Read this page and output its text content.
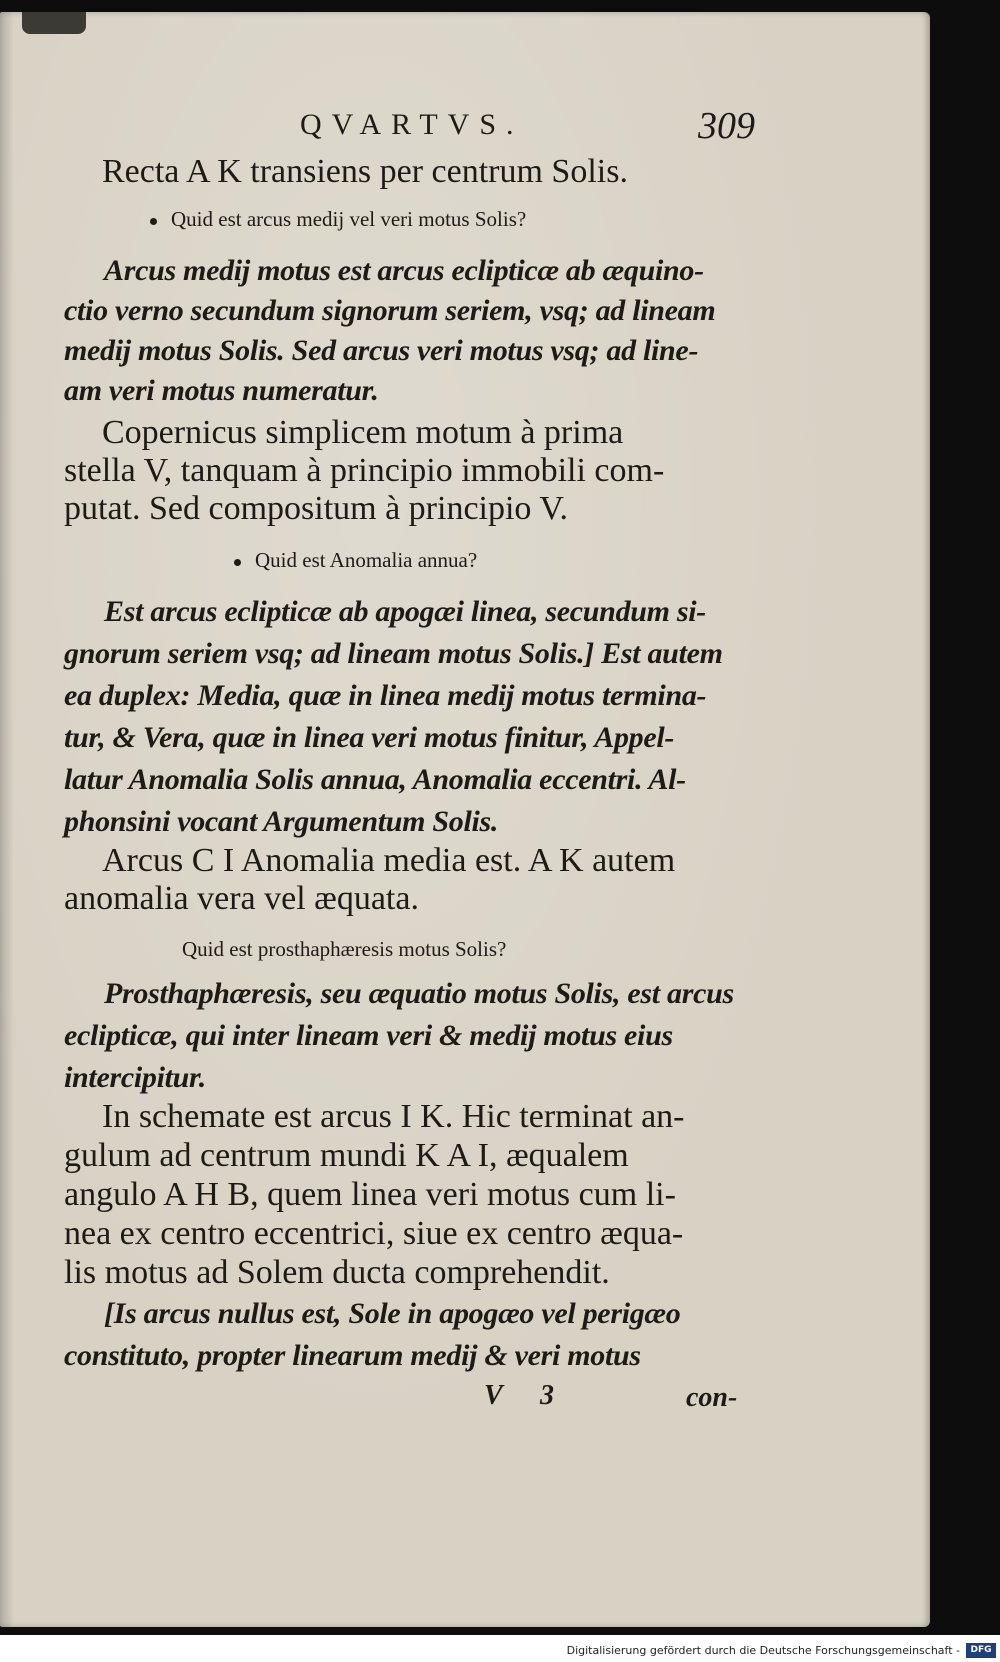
QVARTVS.	309
Recta A K transiens per centrum Solis.
Quid est arcus medij vel veri motus Solis?
Arcus medij motus est arcus eclipticæ ab æquino-
ctio verno secundum signorum seriem, vsq; ad lineam
medij motus Solis. Sed arcus veri motus vsq; ad line-
am veri motus numeratur.
Copernicus simplicem motum à prima
stella V, tanquam à principio immobili com-
putat. Sed compositum à principio V.
Quid est Anomalia annua?
Est arcus eclipticæ ab apogæi linea, secundum si-
gnorum seriem vsq; ad lineam motus Solis.] Est autem
ea duplex: Media, quæ in linea medij motus termina-
tur, & Vera, quæ in linea veri motus finitur, Appel-
latur Anomalia Solis annua, Anomalia eccentri. Al-
phonsini vocant Argumentum Solis.
Arcus C I Anomalia media est. A K autem
anomalia vera vel æquata.
Quid est prosthaphæresis motus Solis?
Prosthaphæresis, seu æquatio motus Solis, est arcus
eclipticæ, qui inter lineam veri & medij motus eius
intercipitur.
In schemate est arcus I K. Hic terminat an-
gulum ad centrum mundi K A I, æqualem
angulo A H B, quem linea veri motus cum li-
nea ex centro eccentrici, siue ex centro æqua-
lis motus ad Solem ducta comprehendit.
[Is arcus nullus est, Sole in apogæo vel perigæo
constituto, propter linearum medij & veri motus
V 3	con-
Digitalisierung gefördert durch die Deutsche Forschungsgemeinschaft -	DFG
